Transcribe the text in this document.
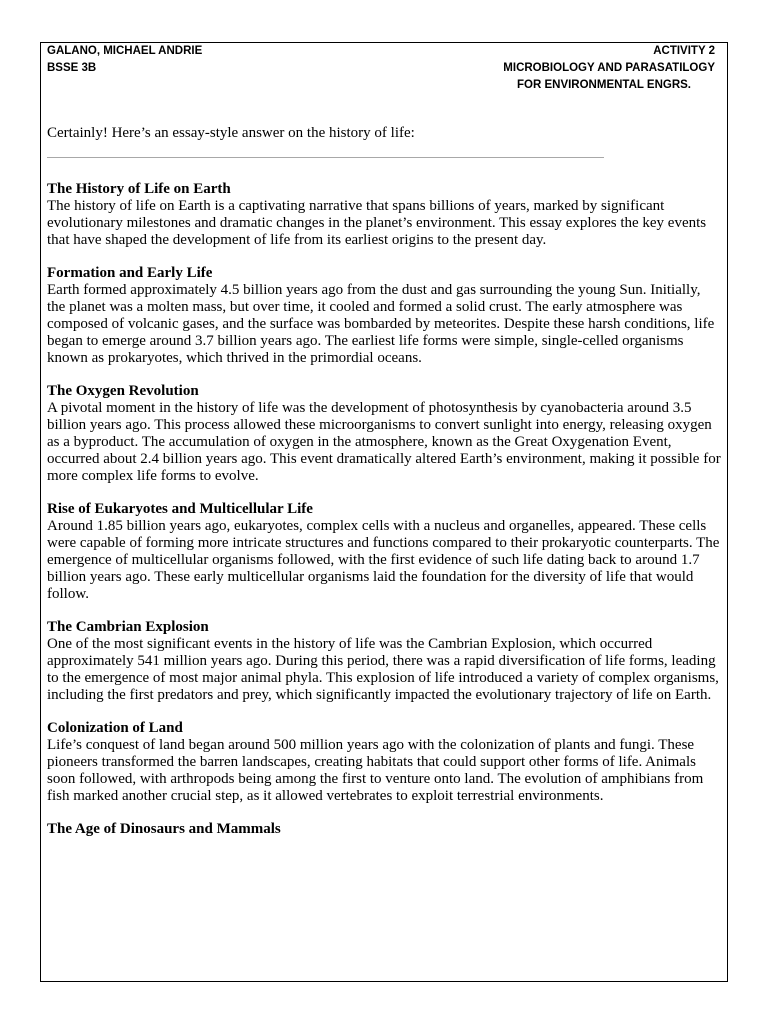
GALANO, MICHAEL ANDRIE
BSSE 3B
ACTIVITY 2
MICROBIOLOGY AND PARASATILOGY
FOR ENVIRONMENTAL ENGRS.

Certainly! Here’s an essay-style answer on the history of life:

The History of Life on Earth

The history of life on Earth is a captivating narrative that spans billions of years, marked by significant evolutionary milestones and dramatic changes in the planet’s environment. This essay explores the key events that have shaped the development of life from its earliest origins to the present day.

Formation and Early Life

Earth formed approximately 4.5 billion years ago from the dust and gas surrounding the young Sun. Initially, the planet was a molten mass, but over time, it cooled and formed a solid crust. The early atmosphere was composed of volcanic gases, and the surface was bombarded by meteorites. Despite these harsh conditions, life began to emerge around 3.7 billion years ago. The earliest life forms were simple, single-celled organisms known as prokaryotes, which thrived in the primordial oceans.

The Oxygen Revolution

A pivotal moment in the history of life was the development of photosynthesis by cyanobacteria around 3.5 billion years ago. This process allowed these microorganisms to convert sunlight into energy, releasing oxygen as a byproduct. The accumulation of oxygen in the atmosphere, known as the Great Oxygenation Event, occurred about 2.4 billion years ago. This event dramatically altered Earth’s environment, making it possible for more complex life forms to evolve.

Rise of Eukaryotes and Multicellular Life

Around 1.85 billion years ago, eukaryotes, complex cells with a nucleus and organelles, appeared. These cells were capable of forming more intricate structures and functions compared to their prokaryotic counterparts. The emergence of multicellular organisms followed, with the first evidence of such life dating back to around 1.7 billion years ago. These early multicellular organisms laid the foundation for the diversity of life that would follow.

The Cambrian Explosion

One of the most significant events in the history of life was the Cambrian Explosion, which occurred approximately 541 million years ago. During this period, there was a rapid diversification of life forms, leading to the emergence of most major animal phyla. This explosion of life introduced a variety of complex organisms, including the first predators and prey, which significantly impacted the evolutionary trajectory of life on Earth.

Colonization of Land

Life’s conquest of land began around 500 million years ago with the colonization of plants and fungi. These pioneers transformed the barren landscapes, creating habitats that could support other forms of life. Animals soon followed, with arthropods being among the first to venture onto land. The evolution of amphibians from fish marked another crucial step, as it allowed vertebrates to exploit terrestrial environments.

The Age of Dinosaurs and Mammals
